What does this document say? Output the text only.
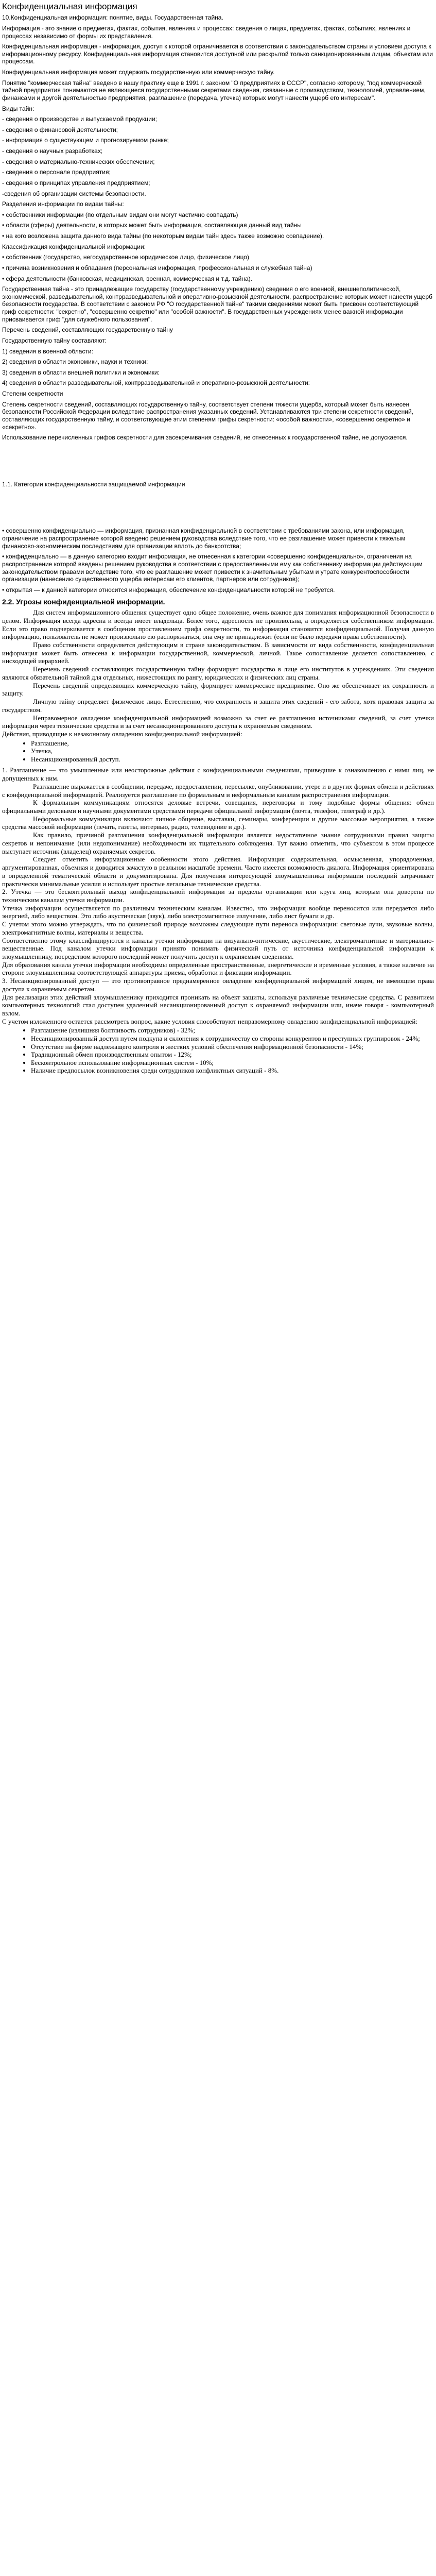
Конфиденциальная информация
10.Конфиденциальная информация: понятие, виды. Государственная тайна.
Информация - это знание о предметах, фактах, события, явлениях и процессах: сведения о лицах, предметах, фактах, событиях, явлениях и процессах независимо от формы их представления.
Конфиденциальная информация - информация, доступ к которой ограничивается в соответствии с законодательством страны и условием доступа к информационному ресурсу. Конфиденциальная информация становится доступной или раскрытой только санкционированным лицам, объектам или процессам.
Конфиденциальная информация может содержать государственную или коммерческую тайну.
Понятие "коммерческая тайна" введено в нашу практику еще в 1991 г. законом "О предприятиях в СССР", согласно которому, "под коммерческой тайной предприятия понимаются не являющиеся государственными секретами сведения, связанные с производством, технологией, управлением, финансами и другой деятельностью предприятия, разглашение (передача, утечка) которых могут нанести ущерб его интересам".
Виды тайн:
- сведения о производстве и выпускаемой продукции;
- сведения о финансовой деятельности;
- информация о существующем и прогнозируемом рынке;
- сведения о научных разработках;
- сведения о материально-технических обеспечении;
- сведения о персонале предприятия;
- сведения о принципах управления предприятием;
-сведения об организации системы безопасности.
Разделения информации по видам тайны:
• собственники информации (по отдельным видам они могут частично совпадать)
• области (сферы) деятельности, в которых может быть информация, составляющая данный вид тайны
• на кого возложена защита данного вида тайны (по некоторым видам тайн здесь также возможно совпадение).
Классификация конфиденциальной информации:
• собственник (государство, негосударственное юридическое лицо, физическое лицо)
• причина возникновения и обладания (персональная информация, профессиональная и служебная тайна)
• сфера деятельности (банковская, медицинская, военная, коммерческая и т.д. тайна).
Государственная тайна - это принадлежащие государству (государственному учреждению) сведения о его военной, внешнеполитической, экономической, разведывательной, контрразведывательной и оперативно-розыскной деятельности, распространение которых может нанести ущерб безопасности государства. В соответствии с законом РФ "О государственной тайне" такими сведениями может быть присвоен соответствующий гриф секретности: "секретно", "совершенно секретно" или "особой важности". В государственных учреждениях менее важной информации присваивается гриф "для служебного пользования".
Перечень сведений, составляющих государственную тайну
Государственную тайну составляют:
1) сведения в военной области:
2) сведения в области экономики, науки и техники:
3) сведения в области внешней политики и экономики:
4) сведения в области разведывательной, контрразведывательной и оперативно-розыскной деятельности:
Степени секретности
Степень секретности сведений, составляющих государственную тайну, соответствует степени тяжести ущерба, который может быть нанесен безопасности Российской Федерации вследствие распространения указанных сведений. Устанавливаются три степени секретности сведений, составляющих государственную тайну, и соответствующие этим степеням грифы секретности: «особой важности», «совершенно секретно» и «секретно».
Использование перечисленных грифов секретности для засекречивания сведений, не отнесенных к государственной тайне, не допускается.
1.1. Категории конфиденциальности защищаемой информации
• совершенно конфиденциально — информация, признанная конфиденциальной в соответствии с требованиями закона, или информация, ограничение на распространение которой введено решением руководства вследствие того, что ее разглашение может привести к тяжелым финансово-экономическим последствиям для организации вплоть до банкротства;
• конфиденциально — в данную категорию входит информация, не отнесенная к категории «совершенно конфиденциально», ограничения на распространение которой введены решением руководства в соответствии с предоставленными ему как собственнику информации действующим законодательством правами вследствие того, что ее разглашение может привести к значительным убыткам и утрате конкурентоспособности организации (нанесению существенного ущерба интересам его клиентов, партнеров или сотрудников);
• открытая — к данной категории относится информация, обеспечение конфиденциальности которой не требуется.
2.2. Угрозы конфиденциальной информации.
Для систем информационного общения существует одно общее положение, очень важное для понимания информационной безопасности в целом. Информация всегда адресна и всегда имеет владельца. Более того, адресность не произвольна, а определяется собственником информации. Если это право подчеркивается в сообщении проставлением грифа секретности, то информация становится конфиденциальной. Получая данную информацию, пользователь не может произвольно ею распоряжаться, она ему не принадлежит (если не было передачи права собственности).
Право собственности определяется действующим в стране законодательством. В зависимости от вида собственности, конфиденциальная информация может быть отнесена к информации государственной, коммерческой, личной. Такое сопоставление делается сопоставлению, с нисходящей иерархией.
Перечень сведений составляющих государственную тайну формирует государство в лице его институтов в учреждениях. Эти сведения являются обязательной тайной для отдельных, нижестоящих по рангу, юридических и физических лиц страны.
Перечень сведений определяющих коммерческую тайну, формирует коммерческое предприятие. Оно же обеспечивает их сохранность и защиту.
Личную тайну определяет физическое лицо. Естественно, что сохранность и защита этих сведений - его забота, хотя правовая защита за государством.
Неправомерное овладение конфиденциальной информацией возможно за счет ее разглашения источниками сведений, за счет утечки информации через технические средства и за счет несанкционированного доступа к охраняемым сведениям.
Действия, приводящие к незаконному овладению конфиденциальной информацией:
• Разглашение,
• Утечка,
• Несанкционированный доступ.
1. Разглашение — это умышленные или неосторожные действия с конфиденциальными сведениями, приведшие к ознакомлению с ними лиц, не допущенных к ним.
Разглашение выражается в сообщении, передаче, предоставлении, пересылке, опубликовании, утере и в других формах обмена и действиях с конфиденциальной информацией. Реализуется разглашение по формальным и неформальным каналам распространения информации.
К формальным коммуникациям относятся деловые встречи, совещания, переговоры и тому подобные формы общения: обмен официальными деловыми и научными документами средствами передачи официальной информации (почта, телефон, телеграф и др.).
Неформальные коммуникации включают личное общение, выставки, семинары, конференции и другие массовые мероприятия, а также средства массовой информации (печать, газеты, интервью, радио, телевидение и др.).
Как правило, причиной разглашения конфиденциальной информации является недостаточное знание сотрудниками правил защиты секретов и непонимание (или недопонимание) необходимости их тщательного соблюдения. Тут важно отметить, что субъектом в этом процессе выступает источник (владелец) охраняемых секретов.
Следует отметить информационные особенности этого действия. Информация содержательная, осмысленная, упорядоченная, аргументированная, объемная и доводится зачастую в реальном масштабе времени. Часто имеется возможность диалога. Информация ориентирована в определенной тематической области и документирована. Для получения интересующей злоумышленника информации последний затрачивает практически минимальные усилия и использует простые легальные технические средства.
2. Утечка — это бесконтрольный выход конфиденциальной информации за пределы организации или круга лиц, которым она доверена по техническим каналам утечки информации.
Утечка информации осуществляется по различным техническим каналам. Известно, что информация вообще переносится или передается либо энергией, либо веществом. Это либо акустическая (звук), либо электромагнитное излучение, либо лист бумаги и др.
С учетом этого можно утверждать, что по физической природе возможны следующие пути переноса информации: световые лучи, звуковые волны, электромагнитные волны, материалы и вещества.
Соответственно этому классифицируются и каналы утечки информации на визуально-оптические, акустические, электромагнитные и материально-вещественные. Под каналом утечки информации принято понимать физический путь от источника конфиденциальной информации к злоумышленнику, посредством которого последний может получить доступ к охраняемым сведениям.
Для образования канала утечки информации необходимы определенные пространственные, энергетические и временные условия, а также наличие на стороне злоумышленника соответствующей аппаратуры приема, обработки и фиксации информации.
3. Несанкционированный доступ — это противоправное преднамеренное овладение конфиденциальной информацией лицом, не имеющим права доступа к охраняемым секретам.
Для реализации этих действий злоумышленнику приходится проникать на объект защиты, используя различные технические средства. С развитием компьютерных технологий стал доступен удаленный несанкционированный доступ к охраняемой информации или, иначе говоря - компьютерный взлом.
С учетом изложенного остается рассмотреть вопрос, какие условия способствуют неправомерному овладению конфиденциальной информацией:
• Разглашение (излишняя болтливость сотрудников) - 32%;
• Несанкционированный доступ путем подкупа и склонения к сотрудничеству со стороны конкурентов и преступных группировок - 24%;
• Отсутствие на фирме надлежащего контроля и жестких условий обеспечения информационной безопасности - 14%;
• Традиционный обмен производственным опытом - 12%;
• Бесконтрольное использование информационных систем - 10%;
• Наличие предпосылок возникновения среди сотрудников конфликтных ситуаций - 8%.
